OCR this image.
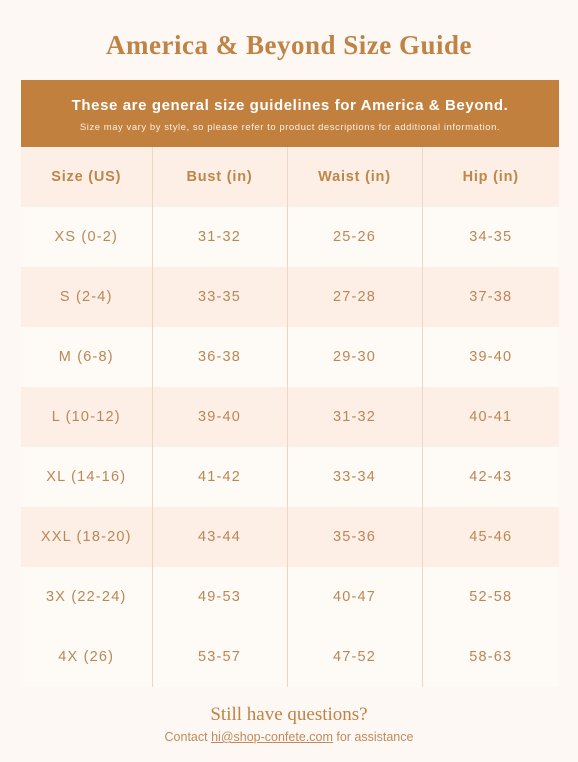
America & Beyond Size Guide
These are general size guidelines for America & Beyond.
Size may vary by style, so please refer to product descriptions for additional information.
Size (US)	Bust (in)	Waist (in)	Hip (in)
XS (0-2)	31-32	25-26	34-35
S (2-4)	33-35	27-28	37-38
M (6-8)	36-38	29-30	39-40
L (10-12)	39-40	31-32	40-41
XL (14-16)	41-42	33-34	42-43
XXL (18-20)	43-44	35-36	45-46
3X (22-24)	49-53	40-47	52-58
4X (26)	53-57	47-52	58-63
Still have questions?
Contact hi@shop-confete.com for assistance
